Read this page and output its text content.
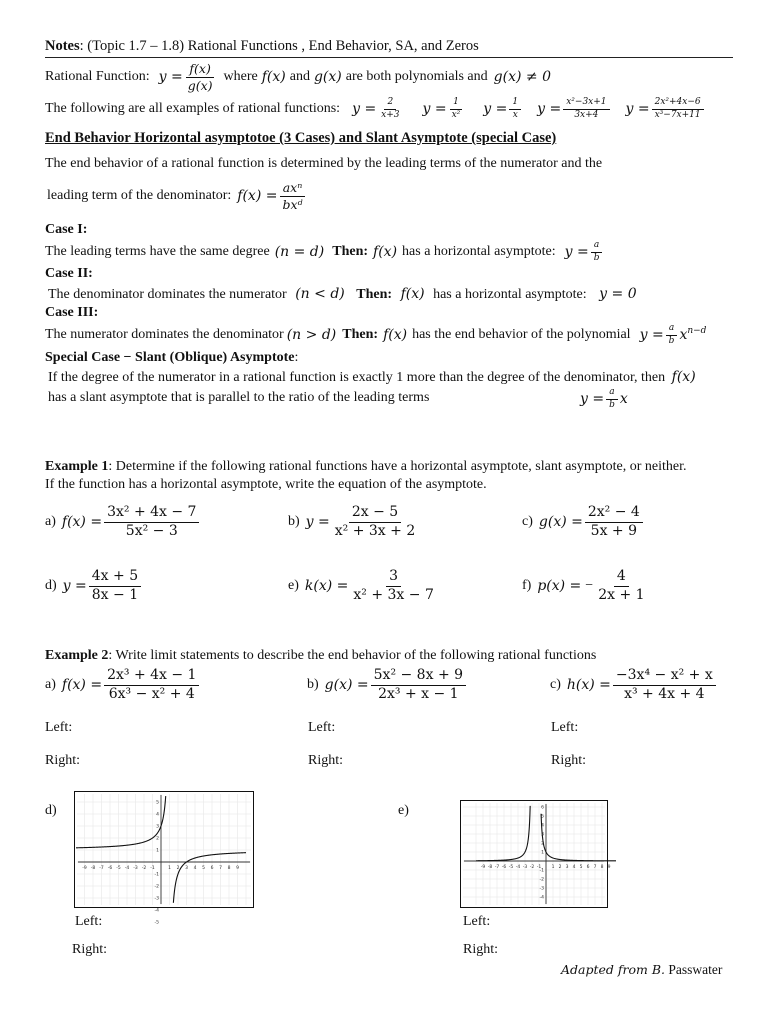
Notes: (Topic 1.7 – 1.8) Rational Functions , End Behavior, SA, and Zeros
Rational Function: $y = \frac{f(x)}{g(x)}$ where f(x) and g(x) are both polynomials and g(x) ≠ 0
The following are all examples of rational functions: $y = \frac{2}{x+3}$ $y = \frac{1}{\text{x²}}$ $y = \frac{1}{x}$ $y = \frac{\text{x²−3x+1}}{3x+4}$ $y = \frac{\text{2x²+4x−6}}{\text{x³−7x+11}}$
End Behavior Horizontal asymptotoe (3 Cases) and Slant Asymptote (special Case)
The end behavior of a rational function is determined by the leading terms of the numerator and the
leading term of the denominator: $f(x) = \frac{\text{axⁿ}}{\text{bxᵈ}}$
Case I:
The leading terms have the same degree (n = d) Then: f(x) has a horizontal asymptote: $y = \frac{a}{b}$
Case II:
The denominator dominates the numerator (n < d) Then: f(x) has a horizontal asymptote: y = 0
Case III:
The numerator dominates the denominator (n > d) Then: f(x) has the end behavior of the polynomial $y = \frac{a}{b} x^{n-d}$
Special Case − Slant (Oblique) Asymptote:
If the degree of the numerator in a rational function is exactly 1 more than the degree of the denominator, then f(x)
has a slant asymptote that is parallel to the ratio of the leading terms	$y = \frac{a}{b}$ x
Example 1: Determine if the following rational functions have a horizontal asymptote, slant asymptote, or neither.
If the function has a horizontal asymptote, write the equation of the asymptote.
a) $f(x) = \frac{\text{3x² + 4x − 7}}{\text{5x² − 3}}$	b) $y = \frac{2x - 5}{\text{x² + 3x + 2}}$	c) $g(x) = \frac{\text{2x² − 4}}{5x + 9}$
d) $y = \frac{4x + 5}{8x - 1}$	e) $k(x) = \frac{3}{\text{x² + 3x − 7}}$	f) p(x) = − $\frac{4}{2x + 1}$
Example 2: Write limit statements to describe the end behavior of the following rational functions
a) $f(x) = \frac{\text{2x³ + 4x − 1}}{\text{6x³ − x² + 4}}$	b) $g(x) = \frac{\text{5x² − 8x + 9}}{\text{2x³ + x − 1}}$	c) $h(x) = \frac{\text{−3x⁴ − x² + x}}{\text{x³ + 4x + 4}}$
Left:	Left:	Left:
Right:	Right:	Right:
d)	e)
-9 -8 -7 -6 -5 -4 -3 -2 -1	1 2 3 4 5 6 7 8 9
5
4
3
2
1
-1
-2
-3
-4
-5
-9 -8 -7 -6 -5 -4 -3 -2 -1 1 2 3 4 5 6 7 8 9
6
5
4
3
2
1
-1
-2
-3
-4
Left:
Right:
Left:
Right:
Adapted from B. Passwater
